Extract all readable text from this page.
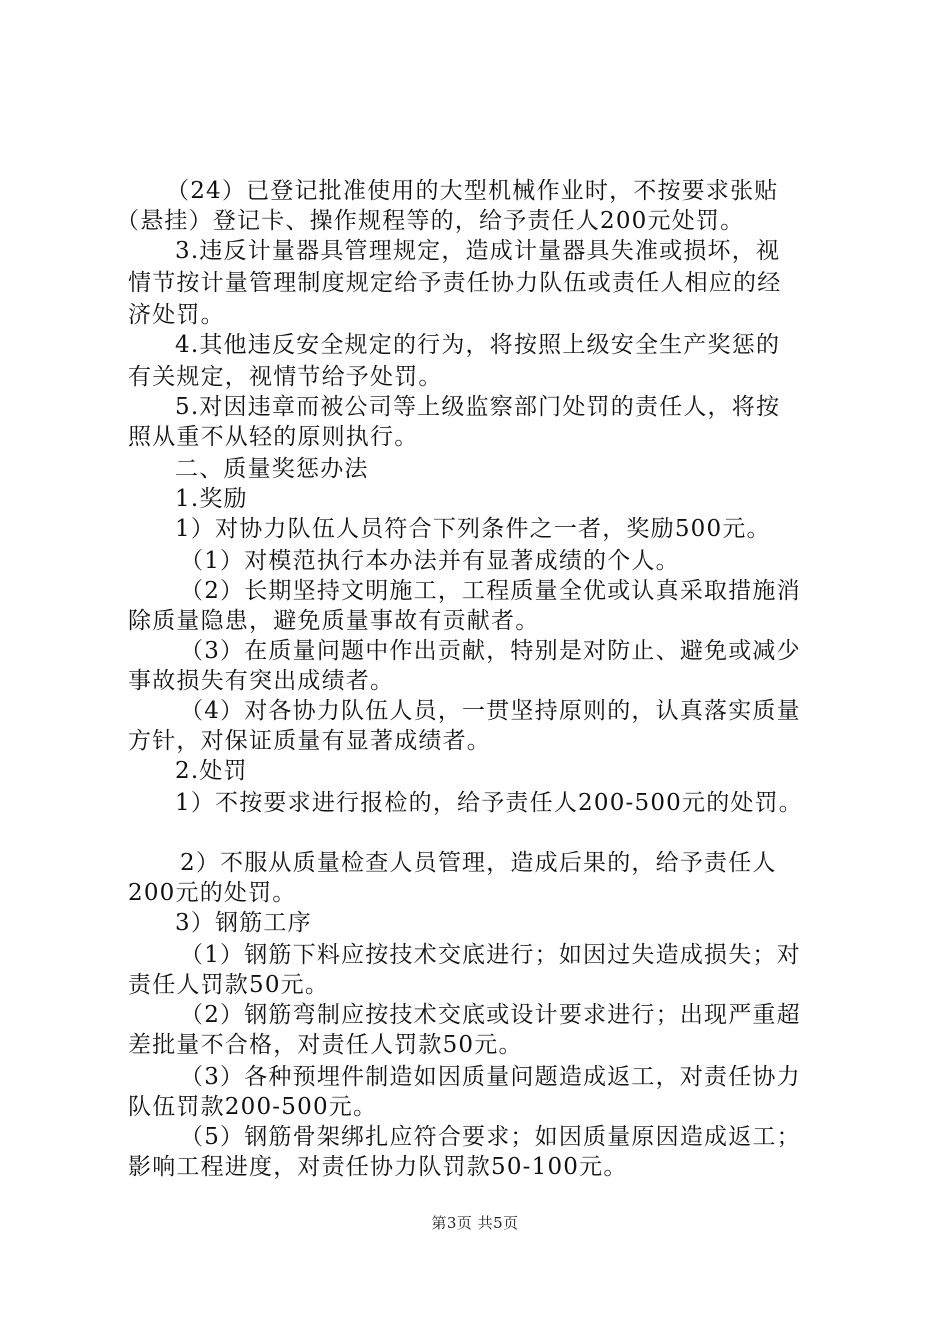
（24）已登记批准使用的大型机械作业时，不按要求张贴
（悬挂）登记卡、操作规程等的，给予责任人200元处罚。
3.违反计量器具管理规定，造成计量器具失准或损坏，视
情节按计量管理制度规定给予责任协力队伍或责任人相应的经
济处罚。
4.其他违反安全规定的行为，将按照上级安全生产奖惩的
有关规定，视情节给予处罚。
5.对因违章而被公司等上级监察部门处罚的责任人，将按
照从重不从轻的原则执行。
二、质量奖惩办法
1.奖励
1）对协力队伍人员符合下列条件之一者，奖励500元。
（1）对模范执行本办法并有显著成绩的个人。
（2）长期坚持文明施工，工程质量全优或认真采取措施消
除质量隐患，避免质量事故有贡献者。
（3）在质量问题中作出贡献，特别是对防止、避免或减少
事故损失有突出成绩者。
（4）对各协力队伍人员，一贯坚持原则的，认真落实质量
方针，对保证质量有显著成绩者。
2.处罚
1）不按要求进行报检的，给予责任人200-500元的处罚。
2）不服从质量检查人员管理，造成后果的，给予责任人
200元的处罚。
3）钢筋工序
（1）钢筋下料应按技术交底进行；如因过失造成损失；对
责任人罚款50元。
（2）钢筋弯制应按技术交底或设计要求进行；出现严重超
差批量不合格，对责任人罚款50元。
（3）各种预埋件制造如因质量问题造成返工，对责任协力
队伍罚款200-500元。
（5）钢筋骨架绑扎应符合要求；如因质量原因造成返工；
影响工程进度，对责任协力队罚款50-100元。
第3页 共5页
